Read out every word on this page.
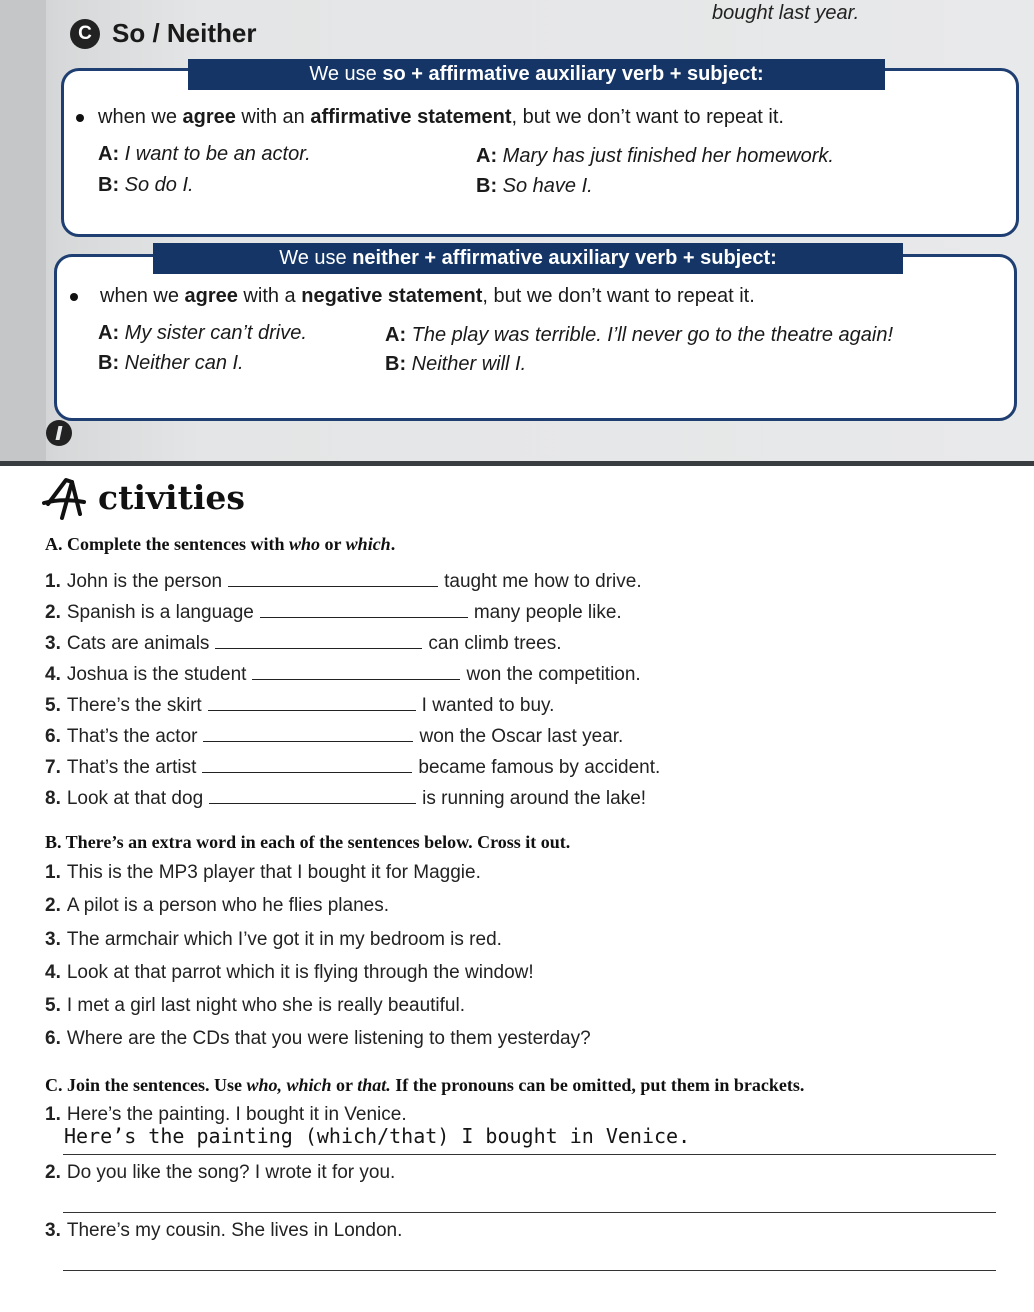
bought last year.
C So / Neither
We use so + affirmative auxiliary verb + subject:
when we agree with an affirmative statement, but we don’t want to repeat it.
A: I want to be an actor.
B: So do I.
A: Mary has just finished her homework.
B: So have I.
We use neither + affirmative auxiliary verb + subject:
when we agree with a negative statement, but we don’t want to repeat it.
A: My sister can’t drive.
B: Neither can I.
A: The play was terrible. I’ll never go to the theatre again!
B: Neither will I.
ctivities
A. Complete the sentences with who or which.
1. John is the person	taught me how to drive.
2. Spanish is a language	many people like.
3. Cats are animals	can climb trees.
4. Joshua is the student	won the competition.
5. There’s the skirt	I wanted to buy.
6. That’s the actor	won the Oscar last year.
7. That’s the artist	became famous by accident.
8. Look at that dog	is running around the lake!
B. There’s an extra word in each of the sentences below. Cross it out.
1. This is the MP3 player that I bought it for Maggie.
2. A pilot is a person who he flies planes.
3. The armchair which I’ve got it in my bedroom is red.
4. Look at that parrot which it is flying through the window!
5. I met a girl last night who she is really beautiful.
6. Where are the CDs that you were listening to them yesterday?
C. Join the sentences. Use who, which or that. If the pronouns can be omitted, put them in brackets.
1. Here’s the painting. I bought it in Venice.
Here’s the painting (which/that) I bought in Venice.
2. Do you like the song? I wrote it for you.
3. There’s my cousin. She lives in London.
